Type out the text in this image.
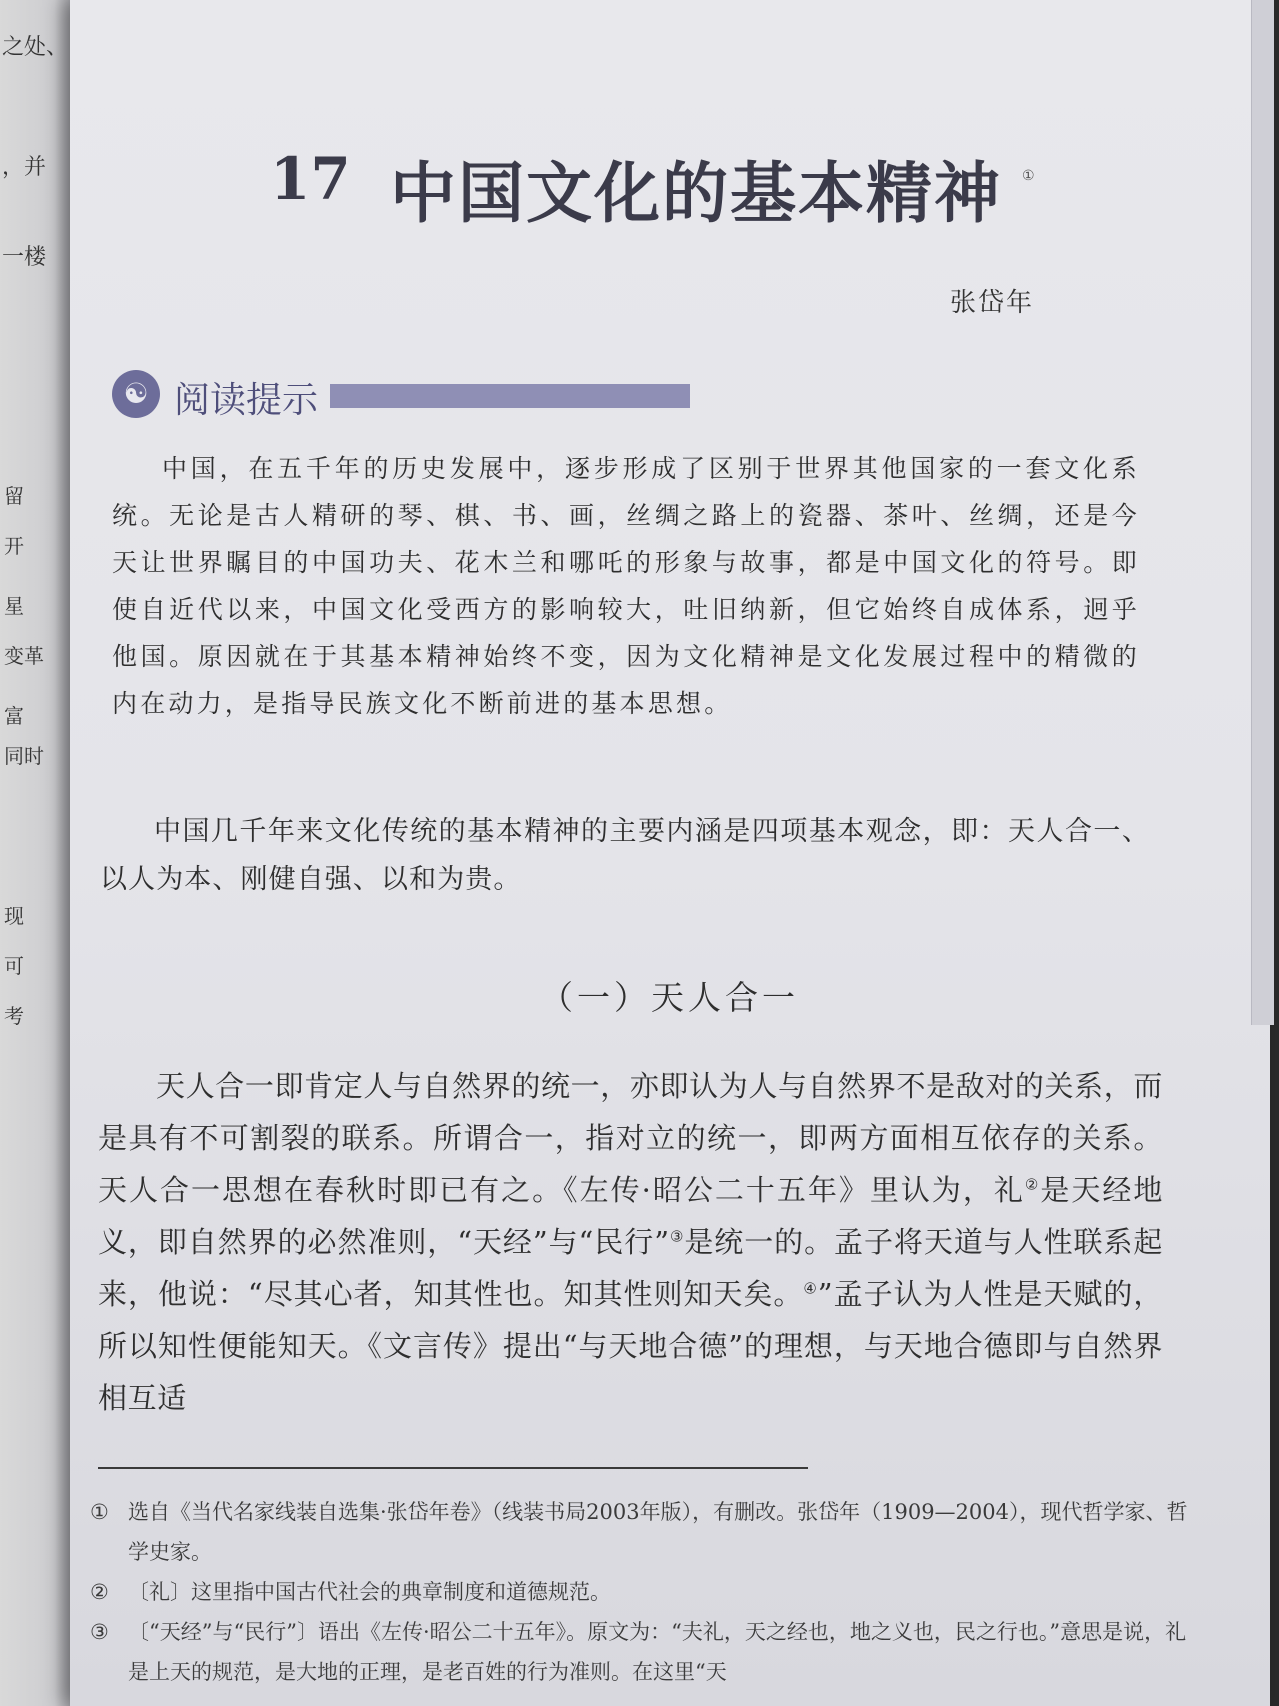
之处、
，并
一楼
留
开
星
变革
富
同时
现
可
考
17 中国文化的基本精神 ①
张岱年
☯ 阅读提示
中国，在五千年的历史发展中，逐步形成了区别于世界其他国家的一套文化系统。无论是古人精研的琴、棋、书、画，丝绸之路上的瓷器、茶叶、丝绸，还是今天让世界瞩目的中国功夫、花木兰和哪吒的形象与故事，都是中国文化的符号。即使自近代以来，中国文化受西方的影响较大，吐旧纳新，但它始终自成体系，迥乎他国。原因就在于其基本精神始终不变，因为文化精神是文化发展过程中的精微的内在动力，是指导民族文化不断前进的基本思想。
中国几千年来文化传统的基本精神的主要内涵是四项基本观念，即：天人合一、以人为本、刚健自强、以和为贵。
（一）天人合一
天人合一即肯定人与自然界的统一，亦即认为人与自然界不是敌对的关系，而是具有不可割裂的联系。所谓合一，指对立的统一，即两方面相互依存的关系。天人合一思想在春秋时即已有之。《左传·昭公二十五年》里认为，礼②是天经地义，即自然界的必然准则，“天经”与“民行”③是统一的。孟子将天道与人性联系起来，他说：“尽其心者，知其性也。知其性则知天矣。④”孟子认为人性是天赋的，所以知性便能知天。《文言传》提出“与天地合德”的理想，与天地合德即与自然界相互适
① 选自《当代名家线装自选集·张岱年卷》（线装书局2003年版），有删改。张岱年（1909—2004），现代哲学家、哲学史家。
② 〔礼〕这里指中国古代社会的典章制度和道德规范。
③ 〔“天经”与“民行”〕语出《左传·昭公二十五年》。原文为：“夫礼，天之经也，地之义也，民之行也。”意思是说，礼是上天的规范，是大地的正理，是老百姓的行为准则。在这里“天
